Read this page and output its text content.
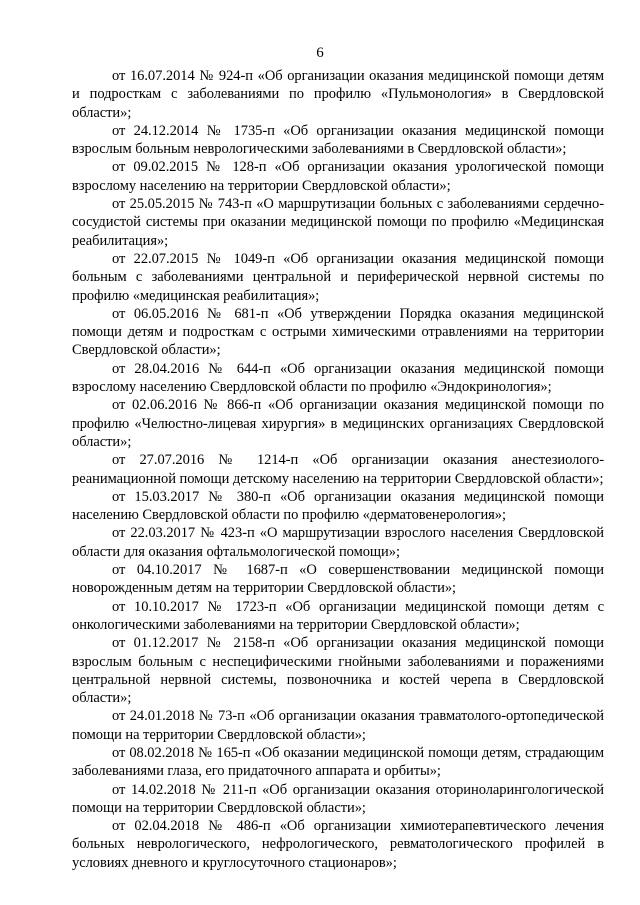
6

от 16.07.2014 № 924-п «Об организации оказания медицинской помощи детям и подросткам с заболеваниями по профилю «Пульмонология» в Свердловской области»;

от 24.12.2014 № 1735-п «Об организации оказания медицинской помощи взрослым больным неврологическими заболеваниями в Свердловской области»;

от 09.02.2015 № 128-п «Об организации оказания урологической помощи взрослому населению на территории Свердловской области»;

от 25.05.2015 № 743-п «О маршрутизации больных с заболеваниями сердечно-сосудистой системы при оказании медицинской помощи по профилю «Медицинская реабилитация»;

от 22.07.2015 № 1049-п «Об организации оказания медицинской помощи больным с заболеваниями центральной и периферической нервной системы по профилю «медицинская реабилитация»;

от 06.05.2016 № 681-п «Об утверждении Порядка оказания медицинской помощи детям и подросткам с острыми химическими отравлениями на территории Свердловской области»;

от 28.04.2016 № 644-п «Об организации оказания медицинской помощи взрослому населению Свердловской области по профилю «Эндокринология»;

от 02.06.2016 № 866-п «Об организации оказания медицинской помощи по профилю «Челюстно-лицевая хирургия» в медицинских организациях Свердловской области»;

от 27.07.2016 № 1214-п «Об организации оказания анестезиолого-реанимационной помощи детскому населению на территории Свердловской области»;

от 15.03.2017 № 380-п «Об организации оказания медицинской помощи населению Свердловской области по профилю «дерматовенерология»;

от 22.03.2017 № 423-п «О маршрутизации взрослого населения Свердловской области для оказания офтальмологической помощи»;

от 04.10.2017 № 1687-п «О совершенствовании медицинской помощи новорожденным детям на территории Свердловской области»;

от 10.10.2017 № 1723-п «Об организации медицинской помощи детям с онкологическими заболеваниями на территории Свердловской области»;

от 01.12.2017 № 2158-п «Об организации оказания медицинской помощи взрослым больным с неспецифическими гнойными заболеваниями и поражениями центральной нервной системы, позвоночника и костей черепа в Свердловской области»;

от 24.01.2018 № 73-п «Об организации оказания травматолого-ортопедической помощи на территории Свердловской области»;

от 08.02.2018 № 165-п «Об оказании медицинской помощи детям, страдающим заболеваниями глаза, его придаточного аппарата и орбиты»;

от 14.02.2018 № 211-п «Об организации оказания оториноларингологической помощи на территории Свердловской области»;

от 02.04.2018 № 486-п «Об организации химиотерапевтического лечения больных неврологического, нефрологического, ревматологического профилей в условиях дневного и круглосуточного стационаров»;
